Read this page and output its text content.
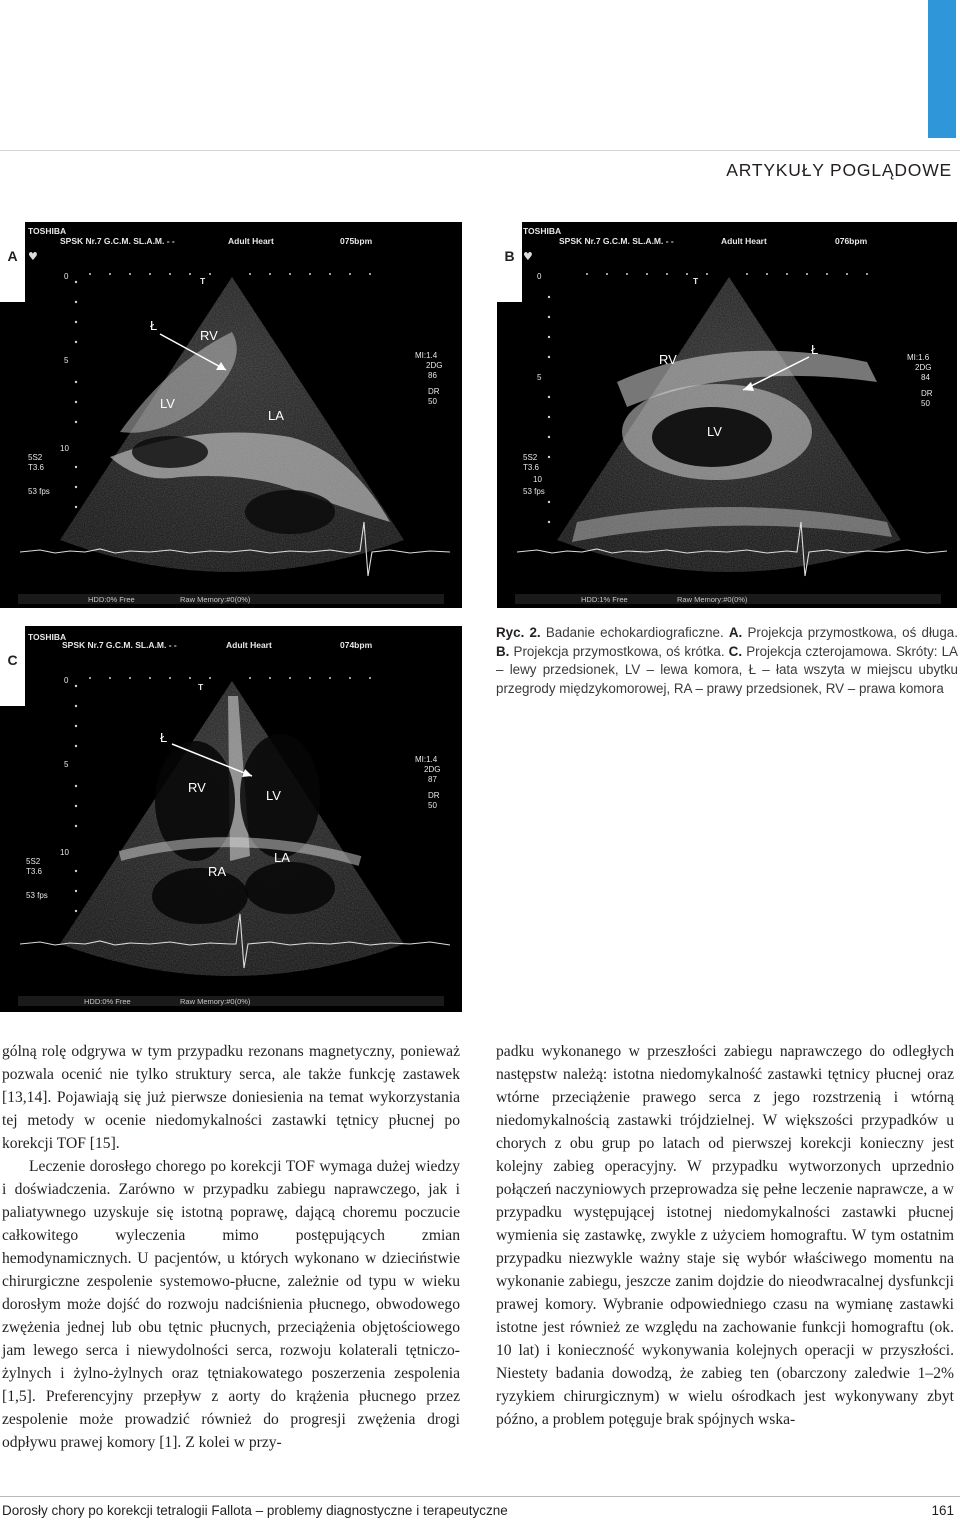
ARTYKUŁY POGLĄDOWE
TOSHIBA
SPSK Nr.7 G.C.M. SL.A.M. - -	Adult Heart	075bpm
♥
0
5
10
T
MI:1.4
2DG
86
DR
50
5S2
T3.6
53 fps
Ł
RV
LV
LA
HDD:0% Free	Raw Memory:#0(0%)
A
TOSHIBA
SPSK Nr.7 G.C.M. SL.A.M. - -	Adult Heart	076bpm
♥
0
5
10
T
MI:1.6
2DG
84
DR
50
5S2
T3.6
53 fps
RV
Ł
LV
HDD:1% Free	Raw Memory:#0(0%)
B
TOSHIBA
SPSK Nr.7 G.C.M. SL.A.M. - -	Adult Heart	074bpm
0
5
10
T
MI:1.4
2DG
87
DR
50
5S2
T3.6
53 fps
Ł
RV
LV
RA
LA
HDD:0% Free	Raw Memory:#0(0%)
C
Ryc. 2. Badanie echokardiograficzne. A. Projekcja przymostkowa, oś długa. B. Projekcja przymostkowa, oś krótka. C. Projekcja czterojamowa. Skróty: LA – lewy przedsionek, LV – lewa komora, Ł – łata wszyta w miejscu ubytku przegrody międzykomorowej, RA – prawy przedsionek, RV – prawa komora

gólną rolę odgrywa w tym przypadku rezonans magnetyczny, ponieważ pozwala ocenić nie tylko struktury serca, ale także funkcję zastawek [13,14]. Pojawiają się już pierwsze doniesienia na temat wykorzystania tej metody w ocenie niedomykalności zastawki tętnicy płucnej po korekcji TOF [15].

Leczenie dorosłego chorego po korekcji TOF wymaga dużej wiedzy i doświadczenia. Zarówno w przypadku zabiegu naprawczego, jak i paliatywnego uzyskuje się istotną poprawę, dającą choremu poczucie całkowitego wyleczenia mimo postępujących zmian hemodynamicznych. U pacjentów, u których wykonano w dzieciństwie chirurgiczne zespolenie systemowo-płucne, zależnie od typu w wieku dorosłym może dojść do rozwoju nadciśnienia płucnego, obwodowego zwężenia jednej lub obu tętnic płucnych, przeciążenia objętościowego jam lewego serca i niewydolności serca, rozwoju kolaterali tętniczo-żylnych i żylno-żylnych oraz tętniakowatego poszerzenia zespolenia [1,5]. Preferencyjny przepływ z aorty do krążenia płucnego przez zespolenie może prowadzić również do progresji zwężenia drogi odpływu prawej komory [1]. Z kolei w przy-

padku wykonanego w przeszłości zabiegu naprawczego do odległych następstw należą: istotna niedomykalność zastawki tętnicy płucnej oraz wtórne przeciążenie prawego serca z jego rozstrzenią i wtórną niedomykalnością zastawki trójdzielnej. W większości przypadków u chorych z obu grup po latach od pierwszej korekcji konieczny jest kolejny zabieg operacyjny. W przypadku wytworzonych uprzednio połączeń naczyniowych przeprowadza się pełne leczenie naprawcze, a w przypadku występującej istotnej niedomykalności zastawki płucnej wymienia się zastawkę, zwykle z użyciem homograftu. W tym ostatnim przypadku niezwykle ważny staje się wybór właściwego momentu na wykonanie zabiegu, jeszcze zanim dojdzie do nieodwracalnej dysfunkcji prawej komory. Wybranie odpowiedniego czasu na wymianę zastawki istotne jest również ze względu na zachowanie funkcji homograftu (ok. 10 lat) i konieczność wykonywania kolejnych operacji w przyszłości. Niestety badania dowodzą, że zabieg ten (obarczony zaledwie 1–2% ryzykiem chirurgicznym) w wielu ośrodkach jest wykonywany zbyt późno, a problem potęguje brak spójnych wska-

Dorosły chory po korekcji tetralogii Fallota – problemy diagnostyczne i terapeutyczne	161
